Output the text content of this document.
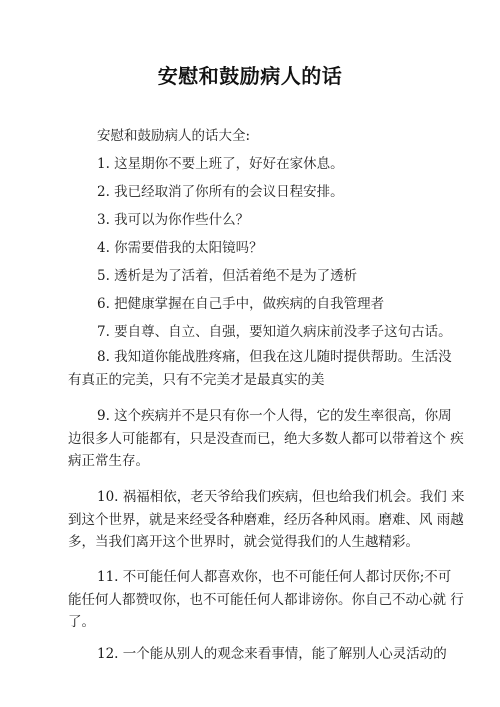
安慰和鼓励病人的话
安慰和鼓励病人的话大全:
1. 这星期你不要上班了，好好在家休息。
2. 我已经取消了你所有的会议日程安排。
3. 我可以为你作些什么？
4. 你需要借我的太阳镜吗？
5. 透析是为了活着，但活着绝不是为了透析
6. 把健康掌握在自己手中，做疾病的自我管理者
7. 要自尊、自立、自强，要知道久病床前没孝子这句古话。
8. 我知道你能战胜疼痛，但我在这儿随时提供帮助。生活没
有真正的完美，只有不完美才是最真实的美
9. 这个疾病并不是只有你一个人得，它的发生率很高，你周
边很多人可能都有，只是没查而已，绝大多数人都可以带着这个 疾
病正常生存。
10. 祸福相依，老天爷给我们疾病，但也给我们机会。我们 来
到这个世界，就是来经受各种磨难，经历各种风雨。磨难、风 雨越
多，当我们离开这个世界时，就会觉得我们的人生越精彩。
11. 不可能任何人都喜欢你，也不可能任何人都讨厌你;不可
能任何人都赞叹你，也不可能任何人都诽谤你。你自己不动心就 行
了。
12. 一个能从别人的观念来看事情，能了解别人心灵活动的
